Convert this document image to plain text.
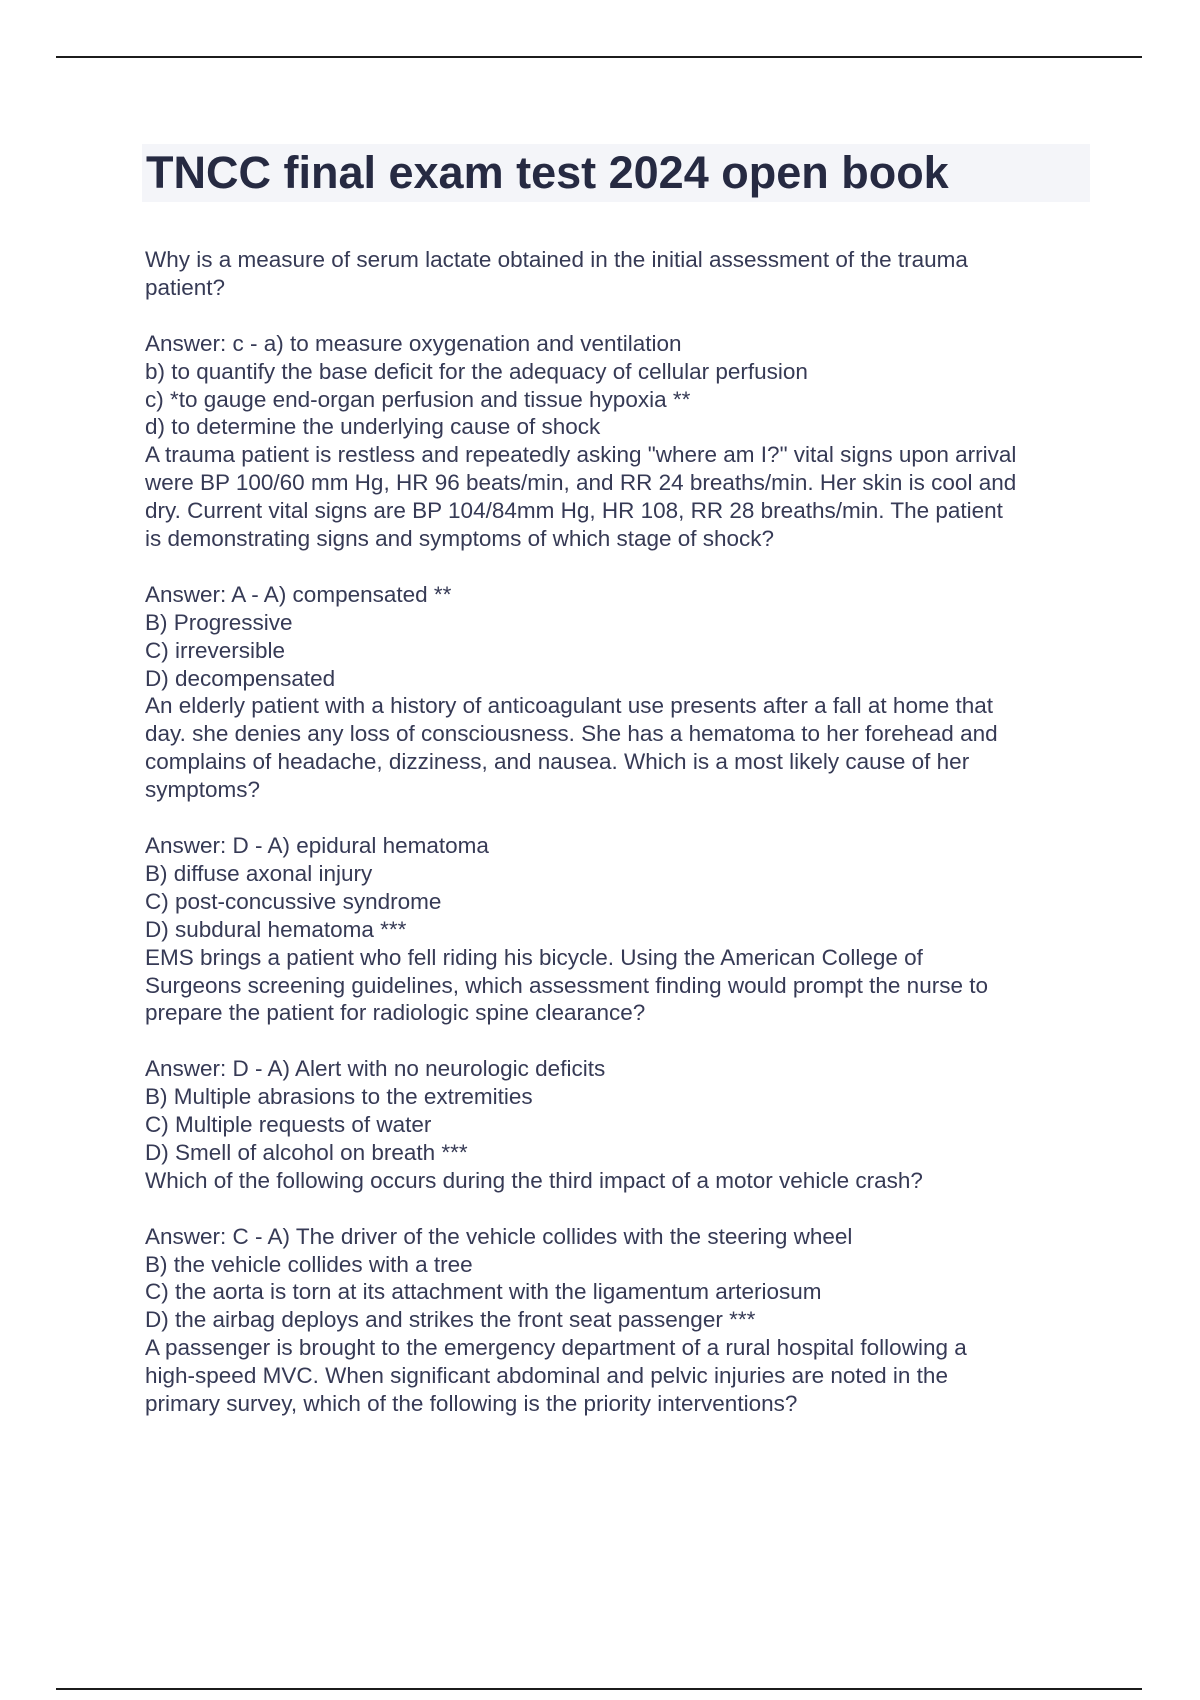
TNCC final exam test 2024 open book

Why is a measure of serum lactate obtained in the initial assessment of the trauma

patient?

Answer: c - a) to measure oxygenation and ventilation

b) to quantify the base deficit for the adequacy of cellular perfusion

c) *to gauge end-organ perfusion and tissue hypoxia **

d) to determine the underlying cause of shock

A trauma patient is restless and repeatedly asking "where am I?" vital signs upon arrival

were BP 100/60 mm Hg, HR 96 beats/min, and RR 24 breaths/min. Her skin is cool and

dry. Current vital signs are BP 104/84mm Hg, HR 108, RR 28 breaths/min. The patient

is demonstrating signs and symptoms of which stage of shock?

Answer: A - A) compensated **

B) Progressive

C) irreversible

D) decompensated

An elderly patient with a history of anticoagulant use presents after a fall at home that

day. she denies any loss of consciousness. She has a hematoma to her forehead and

complains of headache, dizziness, and nausea. Which is a most likely cause of her

symptoms?

Answer: D - A) epidural hematoma

B) diffuse axonal injury

C) post-concussive syndrome

D) subdural hematoma ***

EMS brings a patient who fell riding his bicycle. Using the American College of

Surgeons screening guidelines, which assessment finding would prompt the nurse to

prepare the patient for radiologic spine clearance?

Answer: D - A) Alert with no neurologic deficits

B) Multiple abrasions to the extremities

C) Multiple requests of water

D) Smell of alcohol on breath ***

Which of the following occurs during the third impact of a motor vehicle crash?

Answer: C - A) The driver of the vehicle collides with the steering wheel

B) the vehicle collides with a tree

C) the aorta is torn at its attachment with the ligamentum arteriosum

D) the airbag deploys and strikes the front seat passenger ***

A passenger is brought to the emergency department of a rural hospital following a

high-speed MVC. When significant abdominal and pelvic injuries are noted in the

primary survey, which of the following is the priority interventions?
